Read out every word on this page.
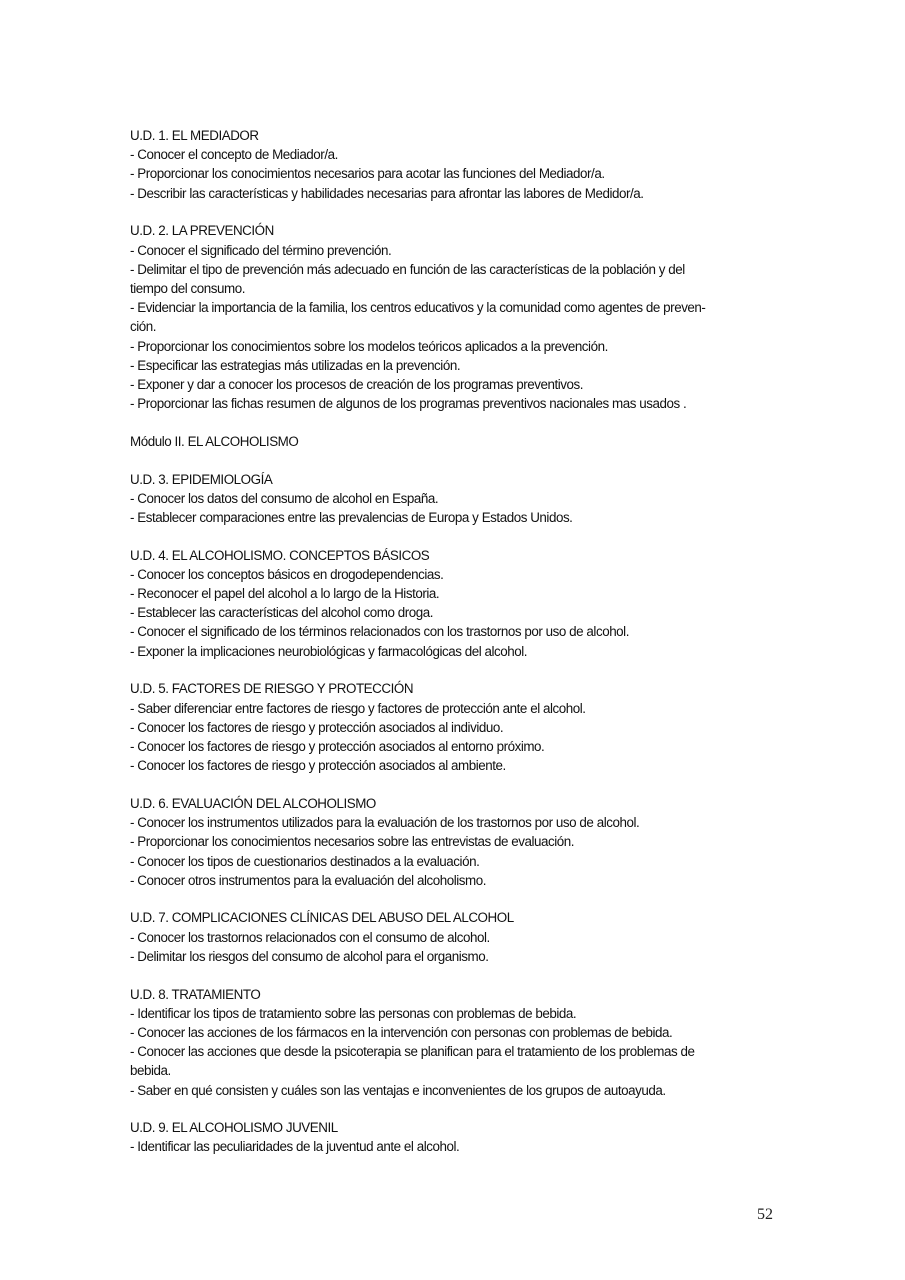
U.D. 1. EL MEDIADOR
- Conocer el concepto de Mediador/a.
- Proporcionar los conocimientos necesarios para acotar las funciones del Mediador/a.
- Describir las características y habilidades necesarias para afrontar las labores de Medidor/a.
U.D. 2. LA PREVENCIÓN
- Conocer el significado del término prevención.
- Delimitar el tipo de prevención más adecuado en función de las características de la población y del
tiempo del consumo.
- Evidenciar la importancia de la familia, los centros educativos y la comunidad como agentes de preven-
ción.
- Proporcionar los conocimientos sobre los modelos teóricos aplicados a la prevención.
- Especificar las estrategias más utilizadas en la prevención.
- Exponer y dar a conocer los procesos de creación de los programas preventivos.
- Proporcionar las fichas resumen de algunos de los programas preventivos nacionales mas usados .
Módulo II. EL ALCOHOLISMO
U.D. 3. EPIDEMIOLOGÍA
- Conocer los datos del consumo de alcohol en España.
- Establecer comparaciones entre las prevalencias de Europa y Estados Unidos.
U.D. 4. EL ALCOHOLISMO. CONCEPTOS BÁSICOS
- Conocer los conceptos básicos en drogodependencias.
- Reconocer el papel del alcohol a lo largo de la Historia.
- Establecer las características del alcohol como droga.
- Conocer el significado de los términos relacionados con los trastornos por uso de alcohol.
- Exponer la implicaciones neurobiológicas y farmacológicas del alcohol.
U.D. 5. FACTORES DE RIESGO Y PROTECCIÓN
- Saber diferenciar entre factores de riesgo y factores de protección ante el alcohol.
- Conocer los factores de riesgo y protección asociados al individuo.
- Conocer los factores de riesgo y protección asociados al entorno próximo.
- Conocer los factores de riesgo y protección asociados al ambiente.
U.D. 6. EVALUACIÓN DEL ALCOHOLISMO
- Conocer los instrumentos utilizados para la evaluación de los trastornos por uso de alcohol.
- Proporcionar los conocimientos necesarios sobre las entrevistas de evaluación.
- Conocer los tipos de cuestionarios destinados a la evaluación.
- Conocer otros instrumentos para la evaluación del alcoholismo.
U.D. 7. COMPLICACIONES CLÍNICAS DEL ABUSO DEL ALCOHOL
- Conocer los trastornos relacionados con el consumo de alcohol.
- Delimitar los riesgos del consumo de alcohol para el organismo.
U.D. 8. TRATAMIENTO
- Identificar los tipos de tratamiento sobre las personas con problemas de bebida.
- Conocer las acciones de los fármacos en la intervención con personas con problemas de bebida.
- Conocer las acciones que desde la psicoterapia se planifican para el tratamiento de los problemas de
bebida.
- Saber en qué consisten y cuáles son las ventajas e inconvenientes de los grupos de autoayuda.
U.D. 9. EL ALCOHOLISMO JUVENIL
- Identificar las peculiaridades de la juventud ante el alcohol.
52
